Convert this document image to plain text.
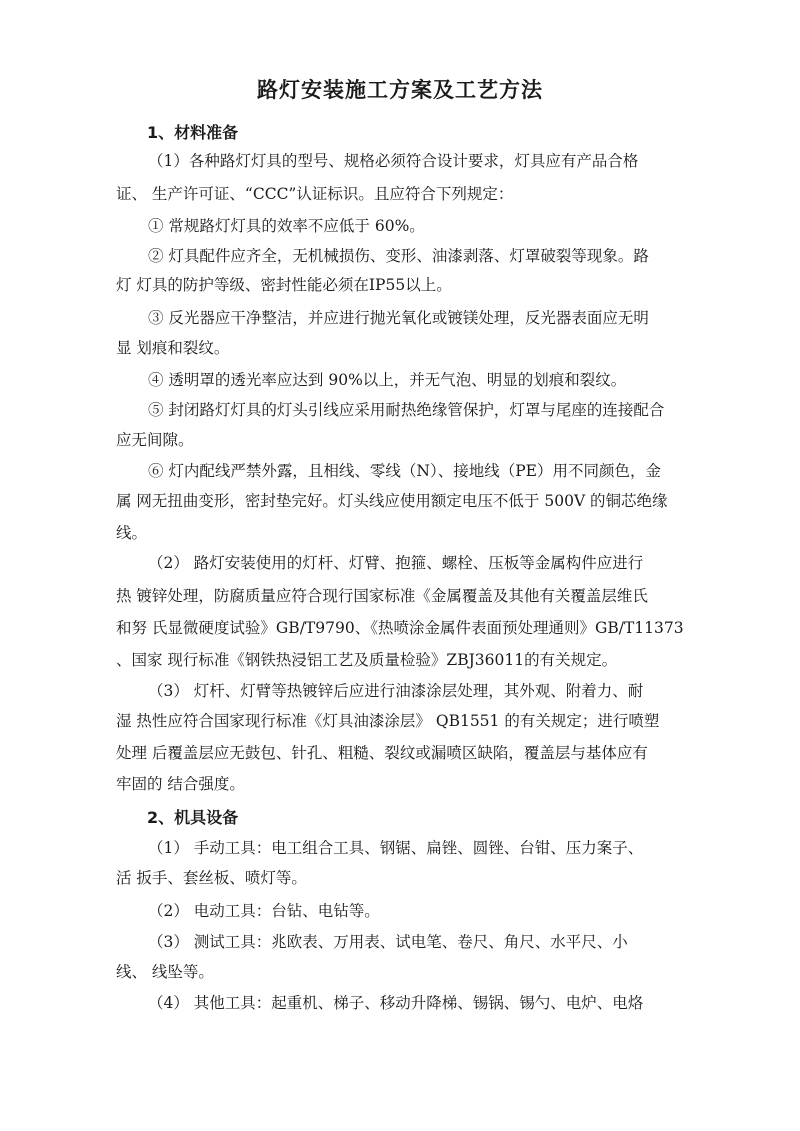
路灯安装施工方案及工艺方法
1、材料准备
（1）各种路灯灯具的型号、规格必须符合设计要求，灯具应有产品合格
证、 生产许可证、“CCC”认证标识。且应符合下列规定：
① 常规路灯灯具的效率不应低于 60%。
② 灯具配件应齐全，无机械损伤、变形、油漆剥落、灯罩破裂等现象。路
灯 灯具的防护等级、密封性能必须在IP55以上。
③ 反光器应干净整洁，并应进行抛光氧化或镀镁处理，反光器表面应无明
显 划痕和裂纹。
④ 透明罩的透光率应达到 90%以上，并无气泡、明显的划痕和裂纹。
⑤ 封闭路灯灯具的灯头引线应采用耐热绝缘管保护，灯罩与尾座的连接配合
应无间隙。
⑥ 灯内配线严禁外露，且相线、零线（N）、接地线（PE）用不同颜色，金
属 网无扭曲变形，密封垫完好。灯头线应使用额定电压不低于 500V 的铜芯绝缘
线。
（2） 路灯安装使用的灯杆、灯臂、抱箍、螺栓、压板等金属构件应进行
热 镀锌处理，防腐质量应符合现行国家标准《金属覆盖及其他有关覆盖层维氏
和努 氏显微硬度试验》GB/T9790、《热喷涂金属件表面预处理通则》GB/T11373
、国家 现行标准《钢铁热浸铝工艺及质量检验》ZBJ36011的有关规定。
（3） 灯杆、灯臂等热镀锌后应进行油漆涂层处理，其外观、附着力、耐
湿 热性应符合国家现行标准《灯具油漆涂层》 QB1551 的有关规定；进行喷塑
处理 后覆盖层应无鼓包、针孔、粗糙、裂纹或漏喷区缺陷，覆盖层与基体应有
牢固的 结合强度。
2、机具设备
（1） 手动工具：电工组合工具、钢锯、扁锉、圆锉、台钳、压力案子、
活 扳手、套丝板、喷灯等。
（2） 电动工具：台钻、电钻等。
（3） 测试工具：兆欧表、万用表、试电笔、卷尺、角尺、水平尺、小
线、 线坠等。
（4） 其他工具：起重机、梯子、移动升降梯、锡锅、锡勺、电炉、电烙
